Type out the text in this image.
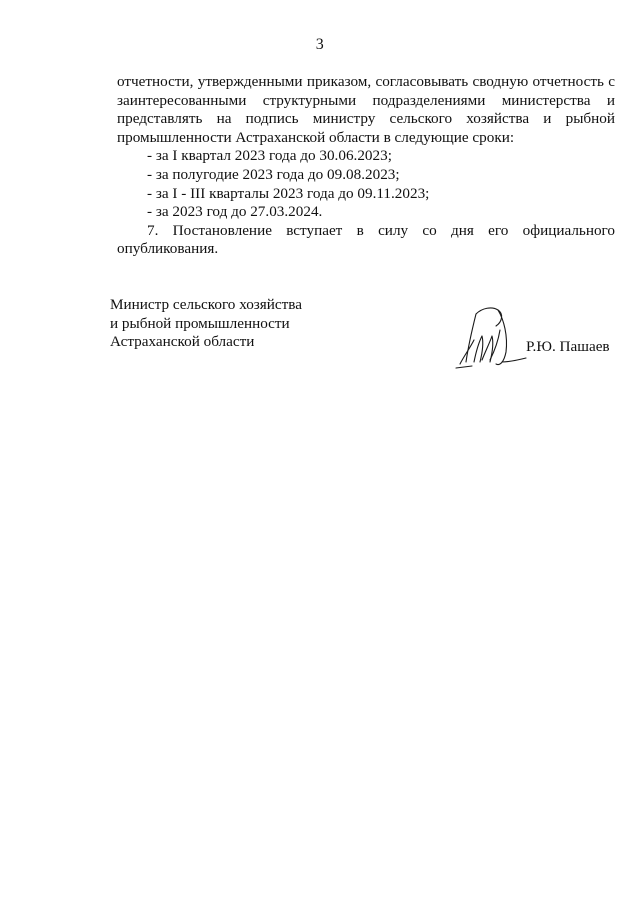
3

отчетности, утвержденными приказом, согласовывать сводную отчетность с заинтересованными структурными подразделениями министерства и представлять на подпись министру сельского хозяйства и рыбной промышленности Астраханской области в следующие сроки:

- за I квартал 2023 года до 30.06.2023;
- за полугодие 2023 года до 09.08.2023;
- за I - III кварталы 2023 года до 09.11.2023;
- за 2023 год до 27.03.2024.

7. Постановление вступает в силу со дня его официального опубликования.

Министр сельского хозяйства
и рыбной промышленности
Астраханской области	Р.Ю. Пашаев
